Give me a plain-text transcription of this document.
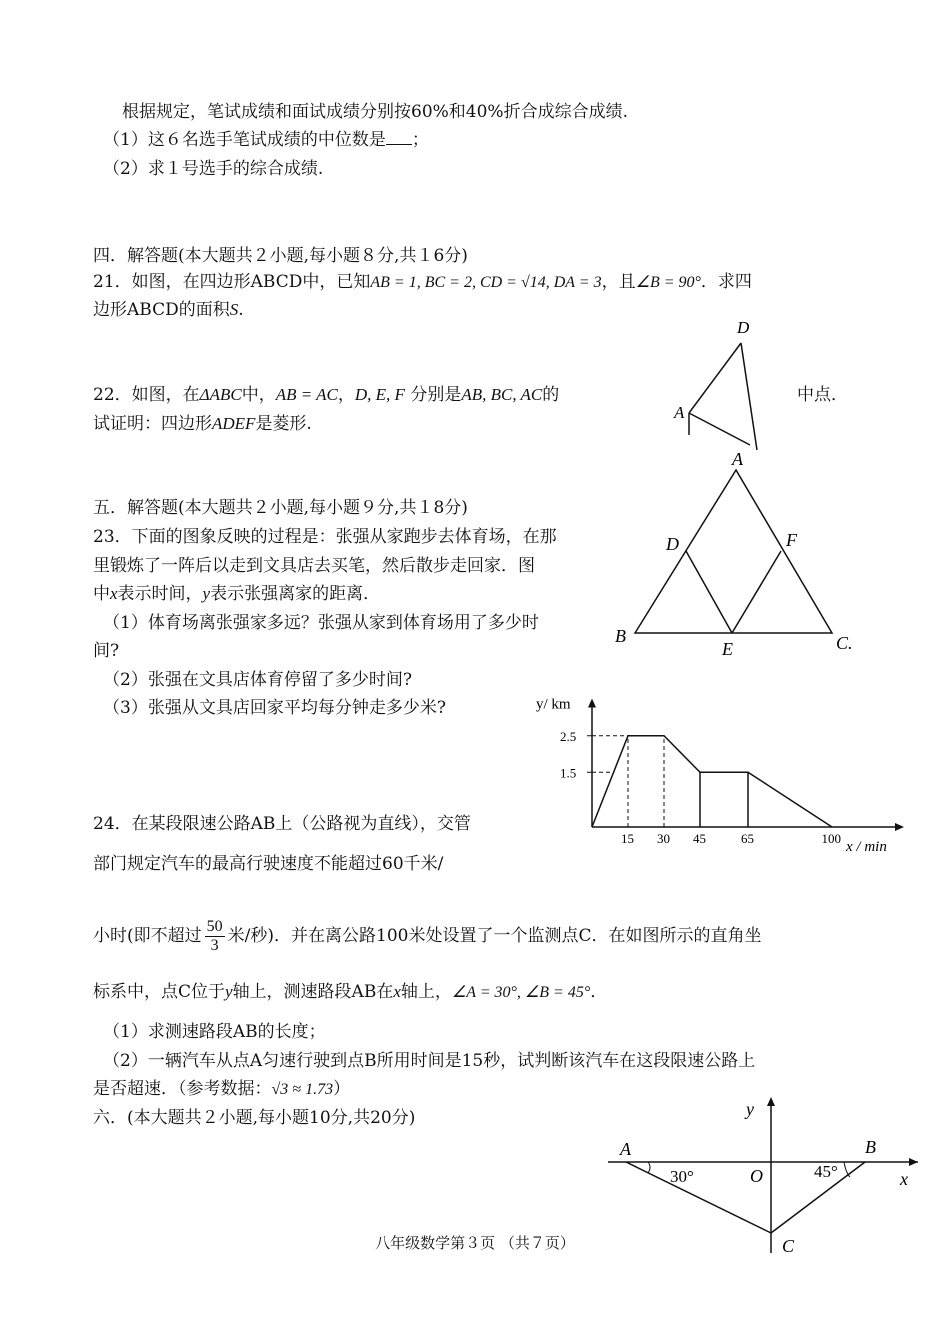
根据规定，笔试成绩和面试成绩分别按60%和40%折合成综合成绩.
（1）这６名选手笔试成绩的中位数是 ；
（2）求１号选手的综合成绩.
四．解答题(本大题共２小题,每小题８分,共１6分)
21．如图，在四边形ABCD中，已知AB = 1, BC = 2, CD = √14, DA = 3，且∠B = 90°．求四
边形ABCD的面积S.
D
A
22．如图，在ΔABC中，AB = AC，D, E, F 分别是AB, BC, AC的	中点．
试证明：四边形ADEF是菱形.
A
D	F
B
E	C.
五．解答题(本大题共２小题,每小题９分,共１8分)
23．下面的图象反映的过程是：张强从家跑步去体育场，在那
里锻炼了一阵后以走到文具店去买笔，然后散步走回家．图
中x表示时间，y表示张强离家的距离．
（1）体育场离张强家多远？张强从家到体育场用了多少时
间?
（2）张强在文具店体育停留了多少时间?
（3）张强从文具店回家平均每分钟走多少米?	y/ km
x / min
1.5
2.5
15 30 45	65	100
24．在某段限速公路AB上（公路视为直线），交管
部门规定汽车的最高行驶速度不能超过60千米/
小时(即不超过 $\frac{50}{3}$ 米/秒)．并在离公路100米处设置了一个监测点C．在如图所示的直角坐
标系中，点C位于y轴上，测速路段AB在x轴上，∠A = 30°, ∠B = 45°．
（1）求测速路段AB的长度；
（2）一辆汽车从点A匀速行驶到点B所用时间是15秒，试判断该汽车在这段限速公路上
是否超速．（参考数据：√3 ≈ 1.73）
六．(本大题共２小题,每小题10分,共20分)	y
x
A	B
O
C
30°	45°
八年级数学第３页 （共７页）
